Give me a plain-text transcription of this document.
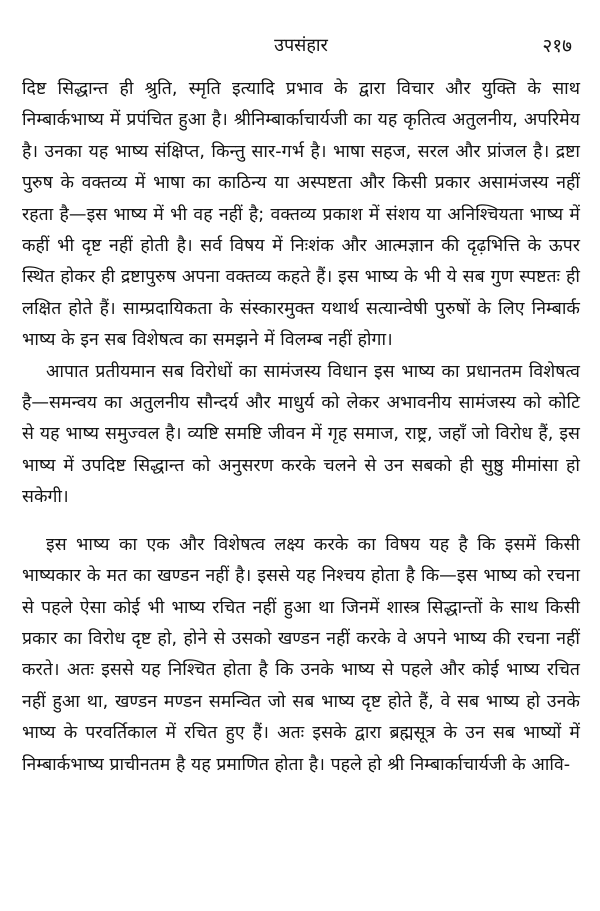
उपसंहार	२१७

दिष्ट सिद्धान्त ही श्रुति, स्मृति इत्यादि प्रभाव के द्वारा विचार और युक्ति के साथ निम्बार्कभाष्य में प्रपंचित हुआ है। श्रीनिम्बार्काचार्यजी का यह कृतित्व अतुलनीय, अपरिमेय है। उनका यह भाष्य संक्षिप्त, किन्तु सार-गर्भ है। भाषा सहज, सरल और प्रांजल है। द्रष्टा पुरुष के वक्तव्य में भाषा का काठिन्य या अस्पष्टता और किसी प्रकार असामंजस्य नहीं रहता है—इस भाष्य में भी वह नहीं है; वक्तव्य प्रकाश में संशय या अनिश्चियता भाष्य में कहीं भी दृष्ट नहीं होती है। सर्व विषय में निःशंक और आत्मज्ञान की दृढ़भित्ति के ऊपर स्थित होकर ही द्रष्टापुरुष अपना वक्तव्य कहते हैं। इस भाष्य के भी ये सब गुण स्पष्टतः ही लक्षित होते हैं। साम्प्रदायिकता के संस्कारमुक्त यथार्थ सत्यान्वेषी पुरुषों के लिए निम्बार्क भाष्य के इन सब विशेषत्व का समझने में विलम्ब नहीं होगा।

आपात प्रतीयमान सब विरोधों का सामंजस्य विधान इस भाष्य का प्रधानतम विशेषत्व है—समन्वय का अतुलनीय सौन्दर्य और माधुर्य को लेकर अभावनीय सामंजस्य को कोटि से यह भाष्य समुज्वल है। व्यष्टि समष्टि जीवन में गृह समाज, राष्ट्र, जहाँ जो विरोध हैं, इस भाष्य में उपदिष्ट सिद्धान्त को अनुसरण करके चलने से उन सबको ही सुष्ठु मीमांसा हो सकेगी।

इस भाष्य का एक और विशेषत्व लक्ष्य करके का विषय यह है कि इसमें किसी भाष्यकार के मत का खण्डन नहीं है। इससे यह निश्चय होता है कि—इस भाष्य को रचना से पहले ऐसा कोई भी भाष्य रचित नहीं हुआ था जिनमें शास्त्र सिद्धान्तों के साथ किसी प्रकार का विरोध दृष्ट हो, होने से उसको खण्डन नहीं करके वे अपने भाष्य की रचना नहीं करते। अतः इससे यह निश्चित होता है कि उनके भाष्य से पहले और कोई भाष्य रचित नहीं हुआ था, खण्डन मण्डन समन्वित जो सब भाष्य दृष्ट होते हैं, वे सब भाष्य हो उनके भाष्य के परवर्तिकाल में रचित हुए हैं। अतः इसके द्वारा ब्रह्मसूत्र के उन सब भाष्यों में निम्बार्कभाष्य प्राचीनतम है यह प्रमाणित होता है। पहले हो श्री निम्बार्काचार्यजी के आवि-
